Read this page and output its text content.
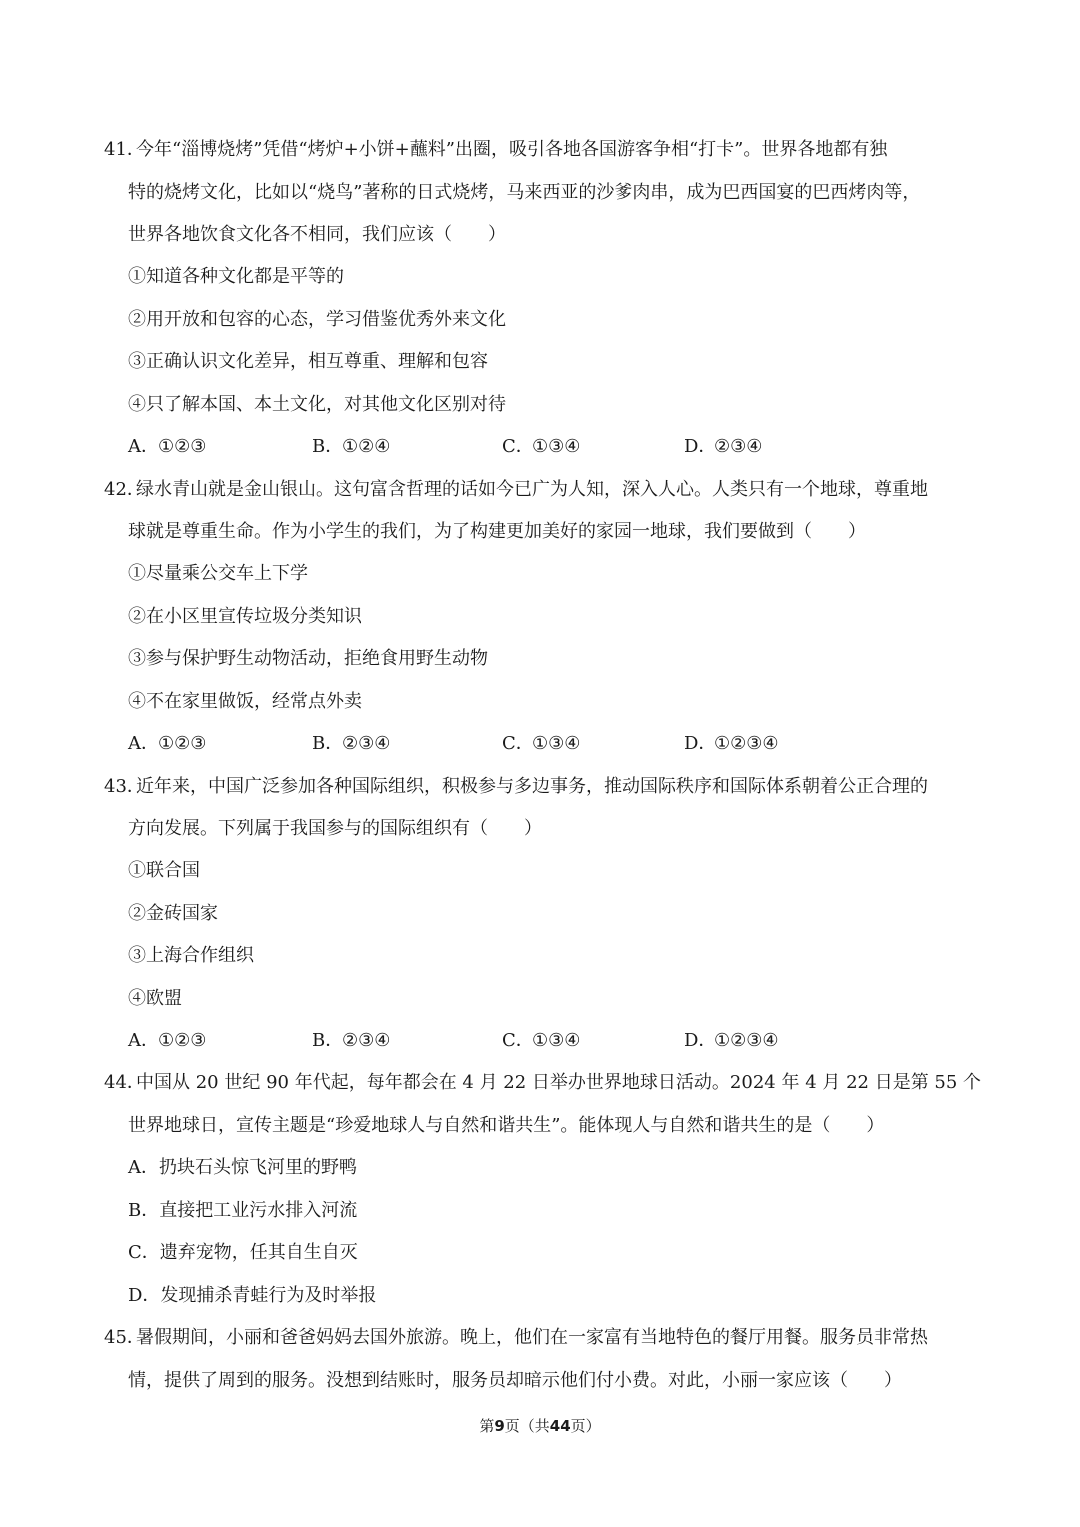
41．今年“淄博烧烤”凭借“烤炉+小饼+蘸料”出圈，吸引各地各国游客争相“打卡”。世界各地都有独
特的烧烤文化，比如以“烧鸟”著称的日式烧烤，马来西亚的沙爹肉串，成为巴西国宴的巴西烤肉等，
世界各地饮食文化各不相同，我们应该（　　）
①知道各种文化都是平等的
②用开放和包容的心态，学习借鉴优秀外来文化
③正确认识文化差异，相互尊重、理解和包容
④只了解本国、本土文化，对其他文化区别对待
A．①②③	B．①②④	C．①③④	D．②③④
42．绿水青山就是金山银山。这句富含哲理的话如今已广为人知，深入人心。人类只有一个地球，尊重地
球就是尊重生命。作为小学生的我们，为了构建更加美好的家园一地球，我们要做到（　　）
①尽量乘公交车上下学
②在小区里宣传垃圾分类知识
③参与保护野生动物活动，拒绝食用野生动物
④不在家里做饭，经常点外卖
A．①②③	B．②③④	C．①③④	D．①②③④
43．近年来，中国广泛参加各种国际组织，积极参与多边事务，推动国际秩序和国际体系朝着公正合理的
方向发展。下列属于我国参与的国际组织有（　　）
①联合国
②金砖国家
③上海合作组织
④欧盟
A．①②③	B．②③④	C．①③④	D．①②③④
44．中国从 20 世纪 90 年代起，每年都会在 4 月 22 日举办世界地球日活动。2024 年 4 月 22 日是第 55 个
世界地球日，宣传主题是“珍爱地球人与自然和谐共生”。能体现人与自然和谐共生的是（　　）
A．扔块石头惊飞河里的野鸭
B．直接把工业污水排入河流
C．遗弃宠物，任其自生自灭
D．发现捕杀青蛙行为及时举报
45．暑假期间，小丽和爸爸妈妈去国外旅游。晚上，他们在一家富有当地特色的餐厅用餐。服务员非常热
情，提供了周到的服务。没想到结账时，服务员却暗示他们付小费。对此，小丽一家应该（　　）
第9页（共44页）
